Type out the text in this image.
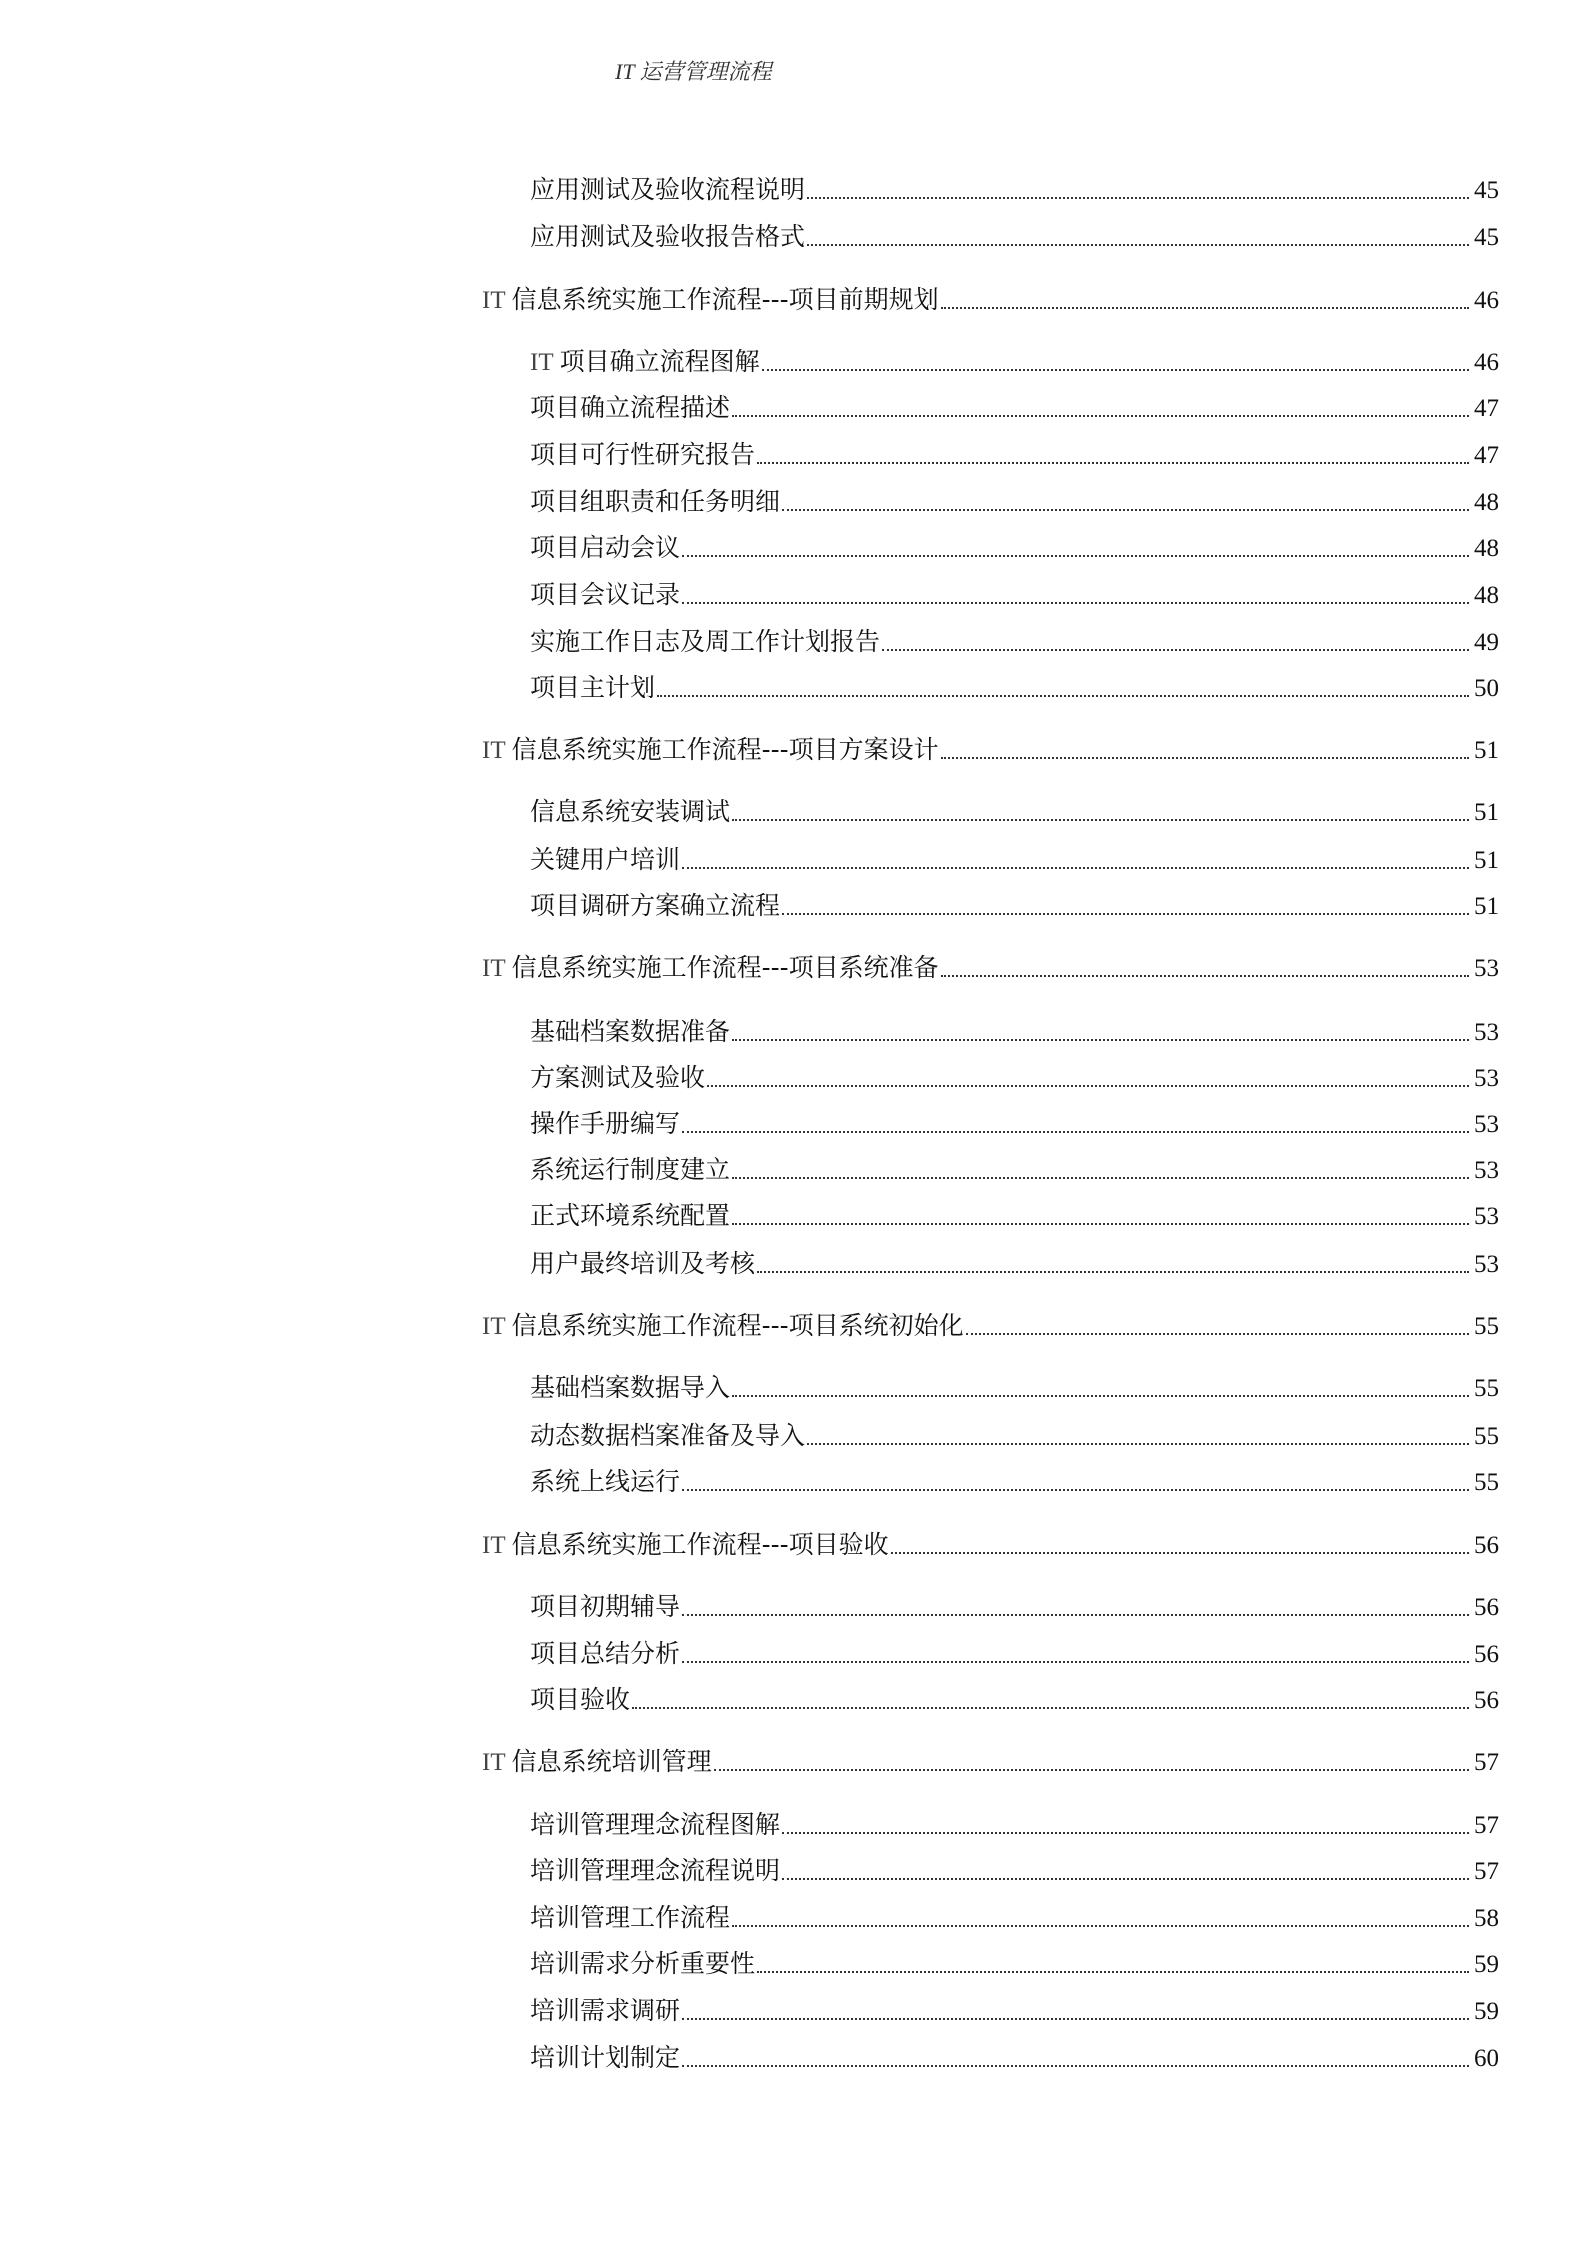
IT 运营管理流程
应用测试及验收流程说明	45
应用测试及验收报告格式	45
IT 信息系统实施工作流程---项目前期规划	46
IT 项目确立流程图解	46
项目确立流程描述	47
项目可行性研究报告	47
项目组职责和任务明细	48
项目启动会议	48
项目会议记录	48
实施工作日志及周工作计划报告	49
项目主计划	50
IT 信息系统实施工作流程---项目方案设计	51
信息系统安装调试	51
关键用户培训	51
项目调研方案确立流程	51
IT 信息系统实施工作流程---项目系统准备	53
基础档案数据准备	53
方案测试及验收	53
操作手册编写	53
系统运行制度建立	53
正式环境系统配置	53
用户最终培训及考核	53
IT 信息系统实施工作流程---项目系统初始化	55
基础档案数据导入	55
动态数据档案准备及导入	55
系统上线运行	55
IT 信息系统实施工作流程---项目验收	56
项目初期辅导	56
项目总结分析	56
项目验收	56
IT 信息系统培训管理	57
培训管理理念流程图解	57
培训管理理念流程说明	57
培训管理工作流程	58
培训需求分析重要性	59
培训需求调研	59
培训计划制定	60
